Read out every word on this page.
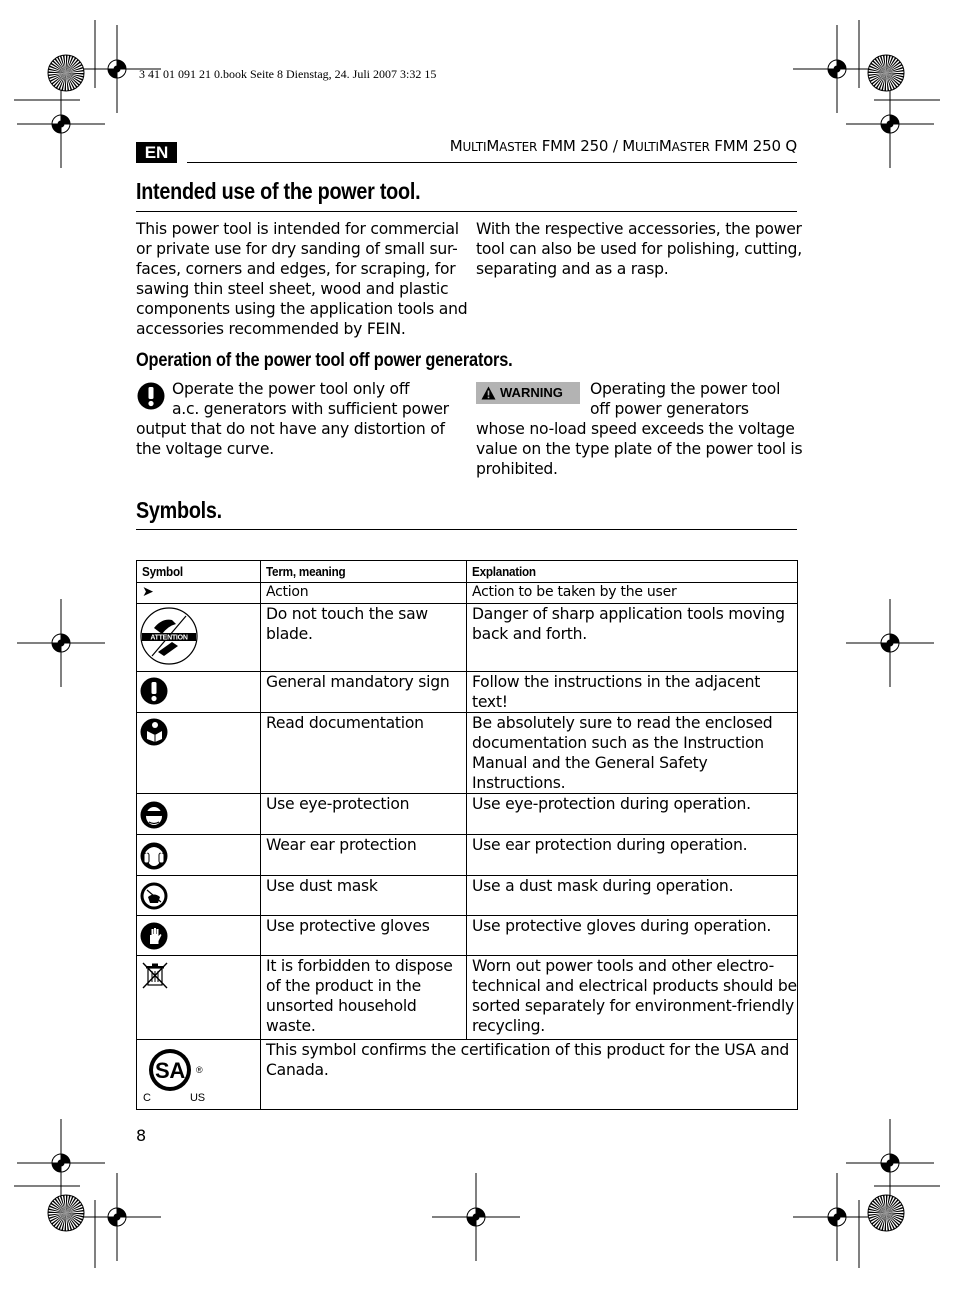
3 41 01 091 21 0.book Seite 8 Dienstag, 24. Juli 2007 3:32 15
EN	MULTIMASTER FMM 250 / MULTIMASTER FMM 250 Q
Intended use of the power tool.
This power tool is intended for commercial
or private use for dry sanding of small sur-
faces, corners and edges, for scraping, for
sawing thin steel sheet, wood and plastic
components using the application tools and
accessories recommended by FEIN.
With the respective accessories, the power
tool can also be used for polishing, cutting,
separating and as a rasp.
Operation of the power tool off power generators.
Operate the power tool only off
a.c. generators with sufficient power
output that do not have any distortion of
the voltage curve.
WARNING	Operating the power tool
off power generators
whose no-load speed exceeds the voltage
value on the type plate of the power tool is
prohibited.
Symbols.
Symbol	Term, meaning	Explanation
➤	Action	Action to be taken by the user

ATTENTION	Do not touch the saw blade.	Danger of sharp application tools moving back and forth.
	General mandatory sign	Follow the instructions in the adjacent text!
	Read documentation	Be absolutely sure to read the enclosed documentation such as the Instruction Manual and the General Safety Instructions.
	Use eye-protection	Use eye-protection during operation.
	Wear ear protection	Use ear protection during operation.
	Use dust mask	Use a dust mask during operation.
	Use protective gloves	Use protective gloves during operation.
	It is forbidden to dispose of the product in the unsorted household waste.	Worn out power tools and other electro-technical and electrical products should be sorted separately for environment-friendly recycling.

SA ®
C US	This symbol confirms the certification of this product for the USA and Canada.	
8
